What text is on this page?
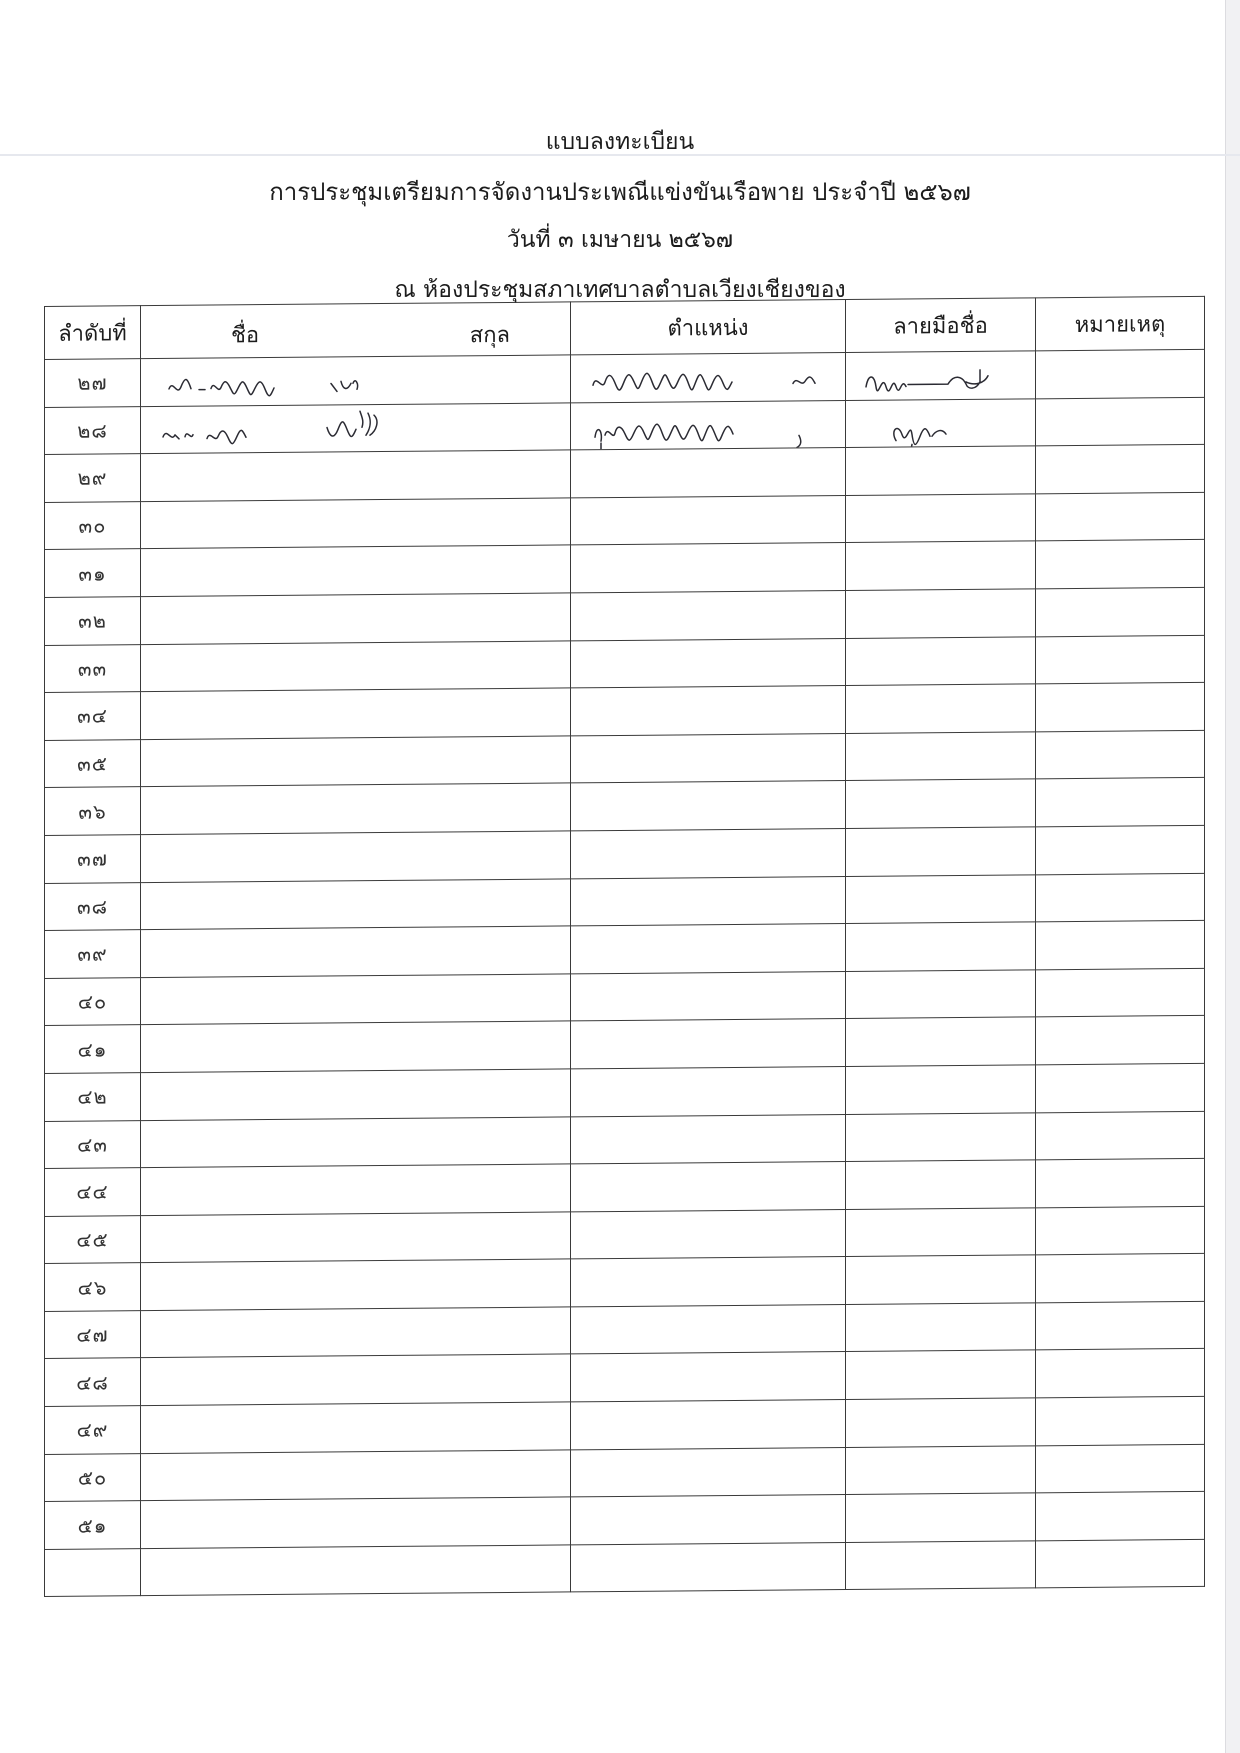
แบบลงทะเบียน
การประชุมเตรียมการจัดงานประเพณีแข่งขันเรือพาย ประจำปี ๒๕๖๗
วันที่ ๓ เมษายน ๒๕๖๗
ณ ห้องประชุมสภาเทศบาลตำบลเวียงเชียงของ
ลำดับที่	ชื่อ สกุล	ตำแหน่ง	ลายมือชื่อ	หมายเหตุ
๒๗	

๒๘	

๒๙				
๓๐				
๓๑				
๓๒				
๓๓				
๓๔				
๓๕				
๓๖				
๓๗				
๓๘				
๓๙				
๔๐				
๔๑				
๔๒				
๔๓				
๔๔				
๔๕				
๔๖				
๔๗				
๔๘				
๔๙				
๕๐				
๕๑				
